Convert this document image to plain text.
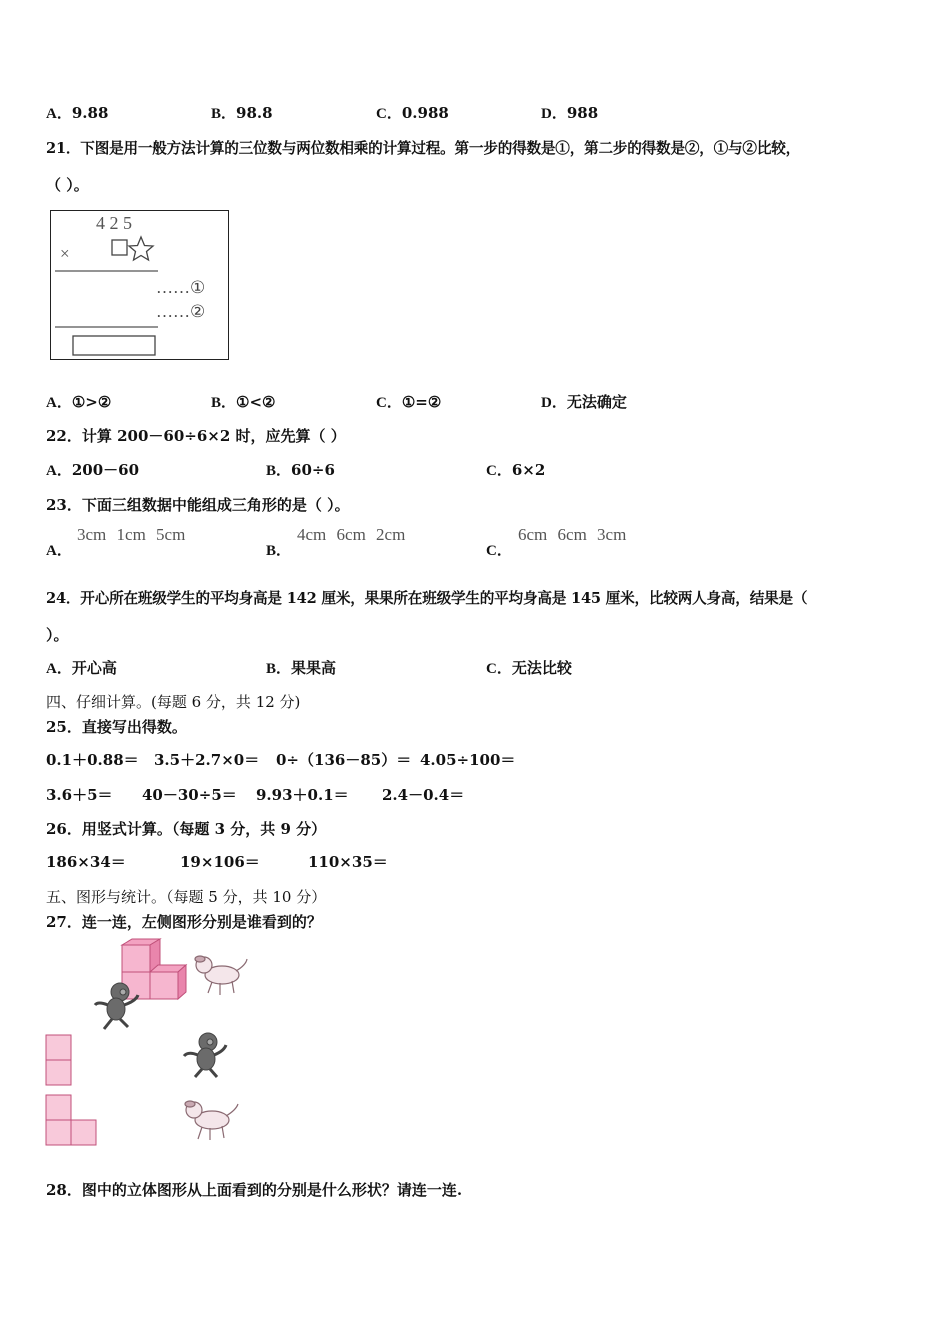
A．9.88	B．98.8	C．0.988	D．988
21．下图是用一般方法计算的三位数与两位数相乘的计算过程。第一步的得数是①，第二步的得数是②，①与②比较，
（ ）。
4 2 5
×
……①
……②
A．①>②	B．①<②	C．①=②	D．无法确定
22．计算 200－60÷6×2 时，应先算（ ）
A．200－60	B．60÷6	C．6×2
23．下面三组数据中能组成三角形的是（ ）。
A．
3cm 1cm 5cm
B．
4cm 6cm 2cm
C．
6cm 6cm 3cm
24．开心所在班级学生的平均身高是 142 厘米，果果所在班级学生的平均身高是 145 厘米，比较两人身高，结果是（
）。
A．开心高	B．果果高	C．无法比较
四、仔细计算。(每题 6 分，共 12 分)
25．直接写出得数。
0.1＋0.88＝ 3.5＋2.7×0＝ 0÷（136－85）＝ 4.05÷100＝
3.6＋5＝ 40－30÷5＝ 9.93＋0.1＝ 2.4－0.4＝
26．用竖式计算。（每题 3 分，共 9 分）
186×34＝	19×106＝	110×35＝
五、图形与统计。（每题 5 分，共 10 分）
27．连一连，左侧图形分别是谁看到的？
28．图中的立体图形从上面看到的分别是什么形状？请连一连.
